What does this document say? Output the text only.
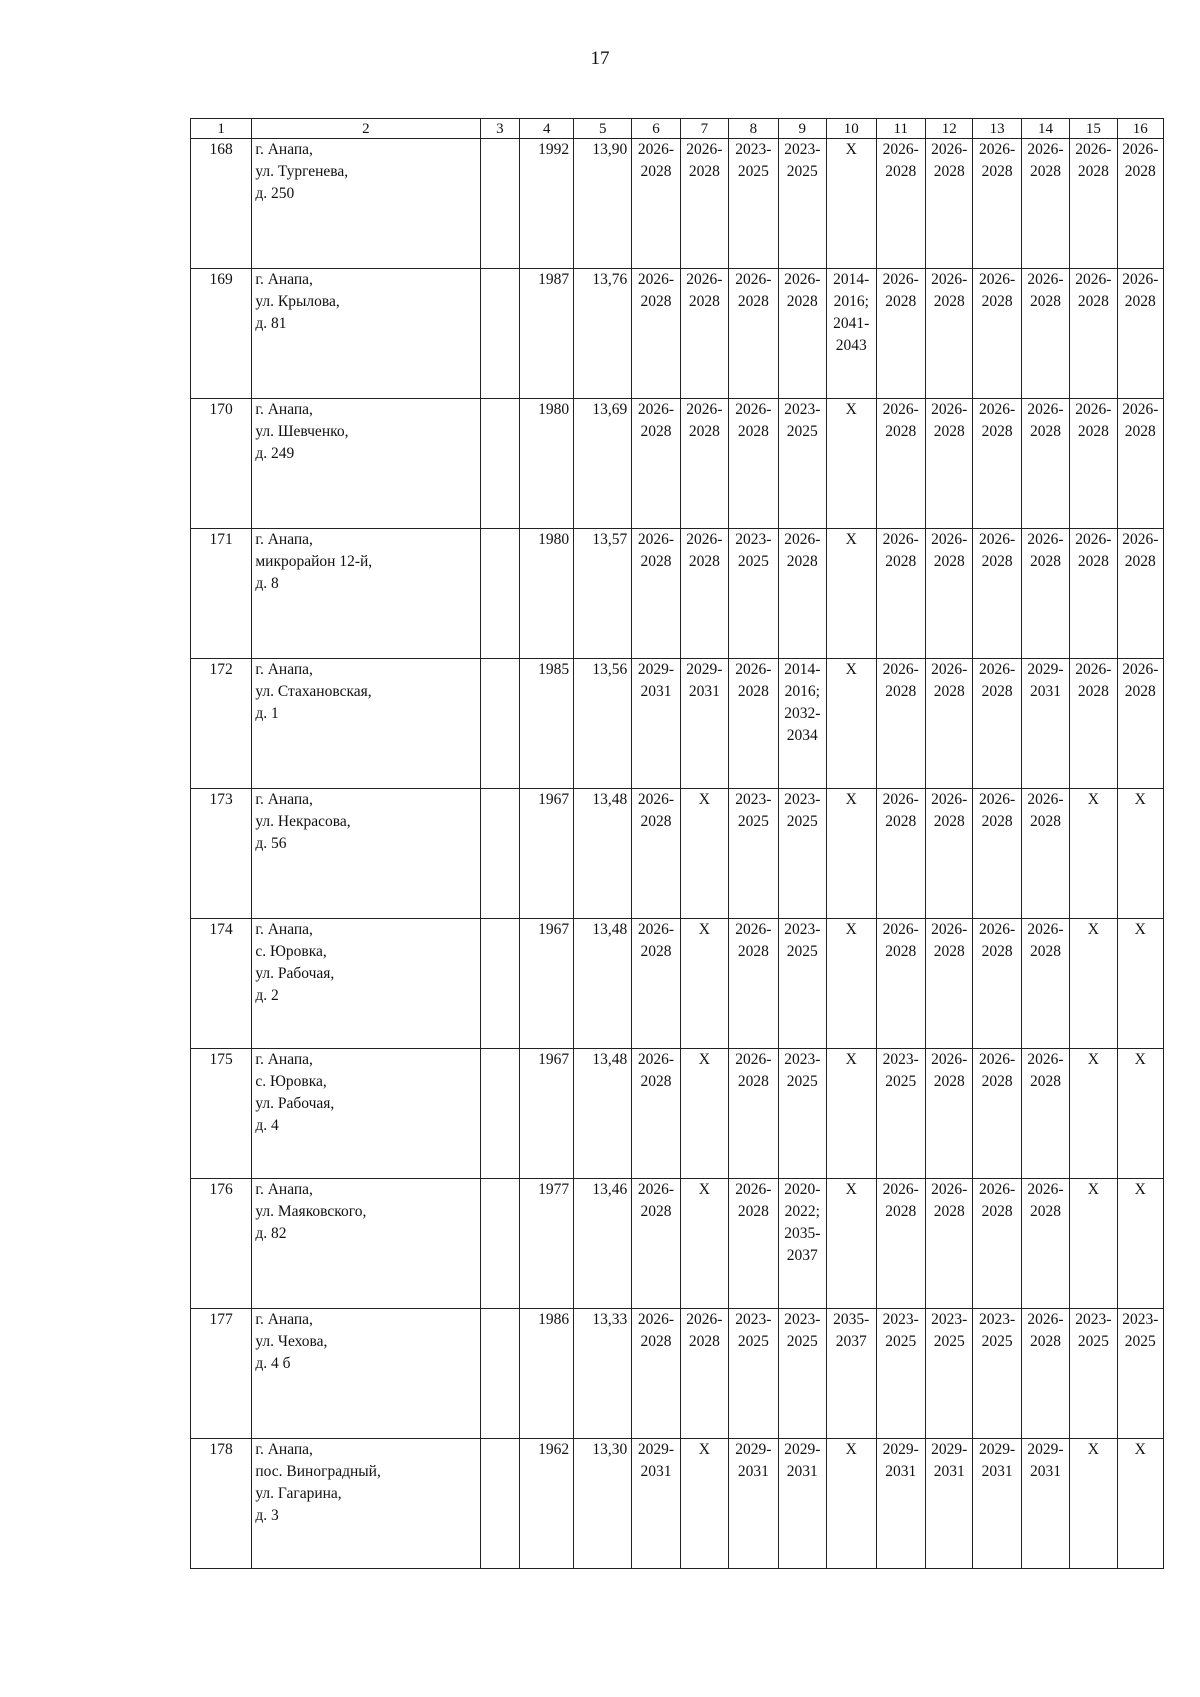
17
1	2	3	4	5	6	7	8	9	10	11	12	13	14	15	16
168	г. Анапа,
ул. Тургенева,
д. 250		1992	13,90	2026-
2028	2026-
2028	2023-
2025	2023-
2025	X	2026-
2028	2026-
2028	2026-
2028	2026-
2028	2026-
2028	2026-
2028

169	г. Анапа,
ул. Крылова,
д. 81		1987	13,76	2026-
2028	2026-
2028	2026-
2028	2026-
2028	2014-
2016;
2041-
2043	2026-
2028	2026-
2028	2026-
2028	2026-
2028	2026-
2028	2026-
2028

170	г. Анапа,
ул. Шевченко,
д. 249		1980	13,69	2026-
2028	2026-
2028	2026-
2028	2023-
2025	X	2026-
2028	2026-
2028	2026-
2028	2026-
2028	2026-
2028	2026-
2028

171	г. Анапа,
микрорайон 12-й,
д. 8		1980	13,57	2026-
2028	2026-
2028	2023-
2025	2026-
2028	X	2026-
2028	2026-
2028	2026-
2028	2026-
2028	2026-
2028	2026-
2028

172	г. Анапа,
ул. Стахановская,
д. 1		1985	13,56	2029-
2031	2029-
2031	2026-
2028	2014-
2016;
2032-
2034	X	2026-
2028	2026-
2028	2026-
2028	2029-
2031	2026-
2028	2026-
2028

173	г. Анапа,
ул. Некрасова,
д. 56		1967	13,48	2026-
2028	X	2023-
2025	2023-
2025	X	2026-
2028	2026-
2028	2026-
2028	2026-
2028	X	X

174	г. Анапа,
с. Юровка,
ул. Рабочая,
д. 2		1967	13,48	2026-
2028	X	2026-
2028	2023-
2025	X	2026-
2028	2026-
2028	2026-
2028	2026-
2028	X	X

175	г. Анапа,
с. Юровка,
ул. Рабочая,
д. 4		1967	13,48	2026-
2028	X	2026-
2028	2023-
2025	X	2023-
2025	2026-
2028	2026-
2028	2026-
2028	X	X

176	г. Анапа,
ул. Маяковского,
д. 82		1977	13,46	2026-
2028	X	2026-
2028	2020-
2022;
2035-
2037	X	2026-
2028	2026-
2028	2026-
2028	2026-
2028	X	X

177	г. Анапа,
ул. Чехова,
д. 4 б		1986	13,33	2026-
2028	2026-
2028	2023-
2025	2023-
2025	2035-
2037	2023-
2025	2023-
2025	2023-
2025	2026-
2028	2023-
2025	2023-
2025

178	г. Анапа,
пос. Виноградный,
ул. Гагарина,
д. 3		1962	13,30	2029-
2031	X	2029-
2031	2029-
2031	X	2029-
2031	2029-
2031	2029-
2031	2029-
2031	X	X
